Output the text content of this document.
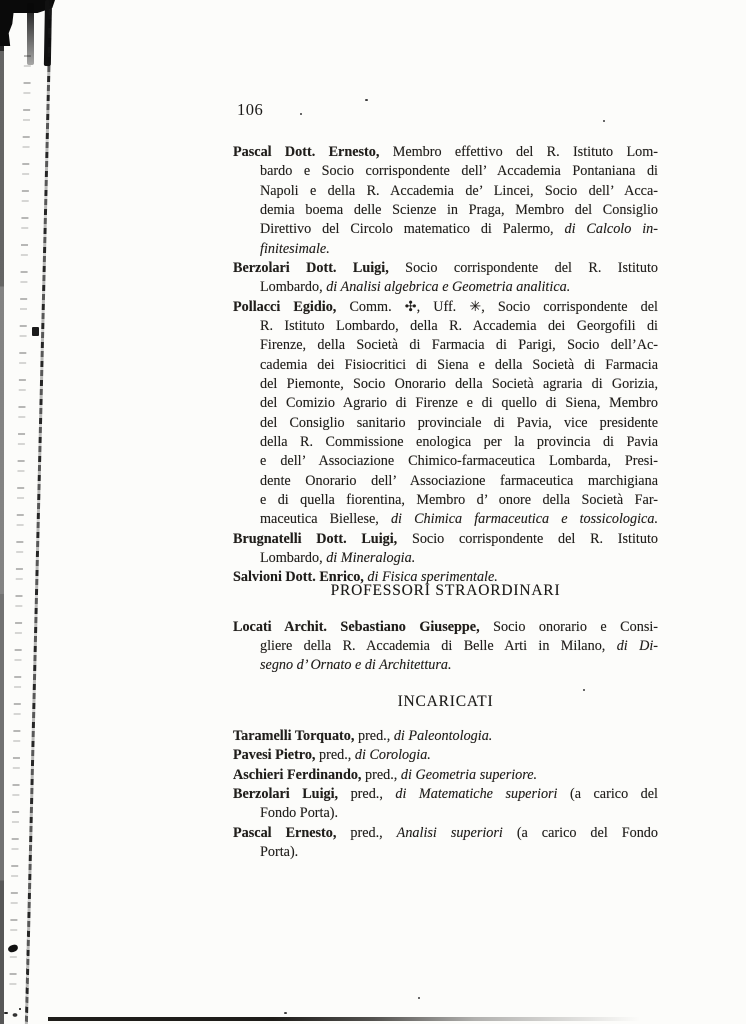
106
Pascal Dott. Ernesto, Membro effettivo del R. Istituto Lom-
bardo e Socio corrispondente dell’ Accademia Pontaniana di
Napoli e della R. Accademia de’ Lincei, Socio dell’ Acca-
demia boema delle Scienze in Praga, Membro del Consiglio
Direttivo del Circolo matematico di Palermo, di Calcolo in-
finitesimale.
Berzolari Dott. Luigi, Socio corrispondente del R. Istituto
Lombardo, di Analisi algebrica e Geometria analitica.
Pollacci Egidio, Comm. ✣, Uff. ✳, Socio corrispondente del
R. Istituto Lombardo, della R. Accademia dei Georgofili di
Firenze, della Società di Farmacia di Parigi, Socio dell’Ac-
cademia dei Fisiocritici di Siena e della Società di Farmacia
del Piemonte, Socio Onorario della Società agraria di Gorizia,
del Comizio Agrario di Firenze e di quello di Siena, Membro
del Consiglio sanitario provinciale di Pavia, vice presidente
della R. Commissione enologica per la provincia di Pavia
e dell’ Associazione Chimico-farmaceutica Lombarda, Presi-
dente Onorario dell’ Associazione farmaceutica marchigiana
e di quella fiorentina, Membro d’ onore della Società Far-
maceutica Biellese, di Chimica farmaceutica e tossicologica.
Brugnatelli Dott. Luigi, Socio corrispondente del R. Istituto
Lombardo, di Mineralogia.
Salvioni Dott. Enrico, di Fisica sperimentale.
PROFESSORI STRAORDINARI
Locati Archit. Sebastiano Giuseppe, Socio onorario e Consi-
gliere della R. Accademia di Belle Arti in Milano, di Di-
segno d’ Ornato e di Architettura.
INCARICATI
Taramelli Torquato, pred., di Paleontologia.
Pavesi Pietro, pred., di Corologia.
Aschieri Ferdinando, pred., di Geometria superiore.
Berzolari Luigi, pred., di Matematiche superiori (a carico del
Fondo Porta).
Pascal Ernesto, pred., Analisi superiori (a carico del Fondo
Porta).
